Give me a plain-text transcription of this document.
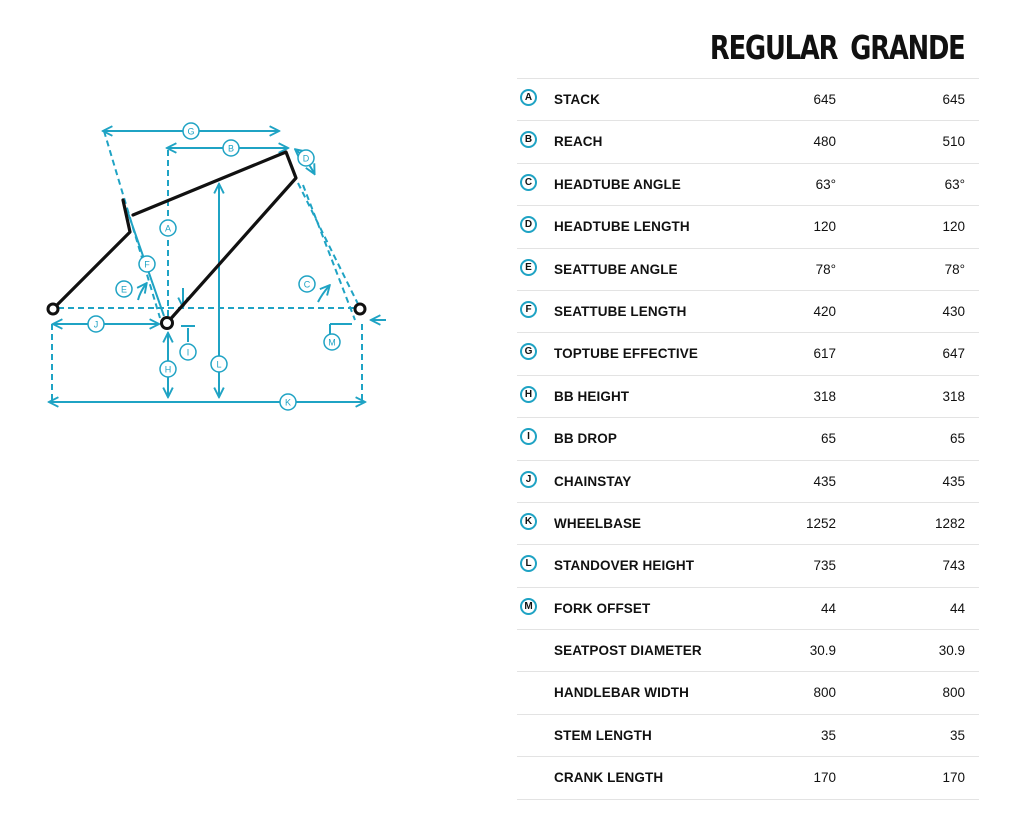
G
B
D
A
F
E	C
J
M
I
H	L
K
REGULAR GRANDE
A	STACK	645	645
B	REACH	480	510
C	HEADTUBE ANGLE	63°	63°
D	HEADTUBE LENGTH	120	120
E	SEATTUBE ANGLE	78°	78°
F	SEATTUBE LENGTH	420	430
G	TOPTUBE EFFECTIVE	617	647
H	BB HEIGHT	318	318
I	BB DROP	65	65
J	CHAINSTAY	435	435
K	WHEELBASE	1252	1282
L	STANDOVER HEIGHT	735	743
M	FORK OFFSET	44	44
SEATPOST DIAMETER	30.9	30.9
HANDLEBAR WIDTH	800	800
STEM LENGTH	35	35
CRANK LENGTH	170	170
